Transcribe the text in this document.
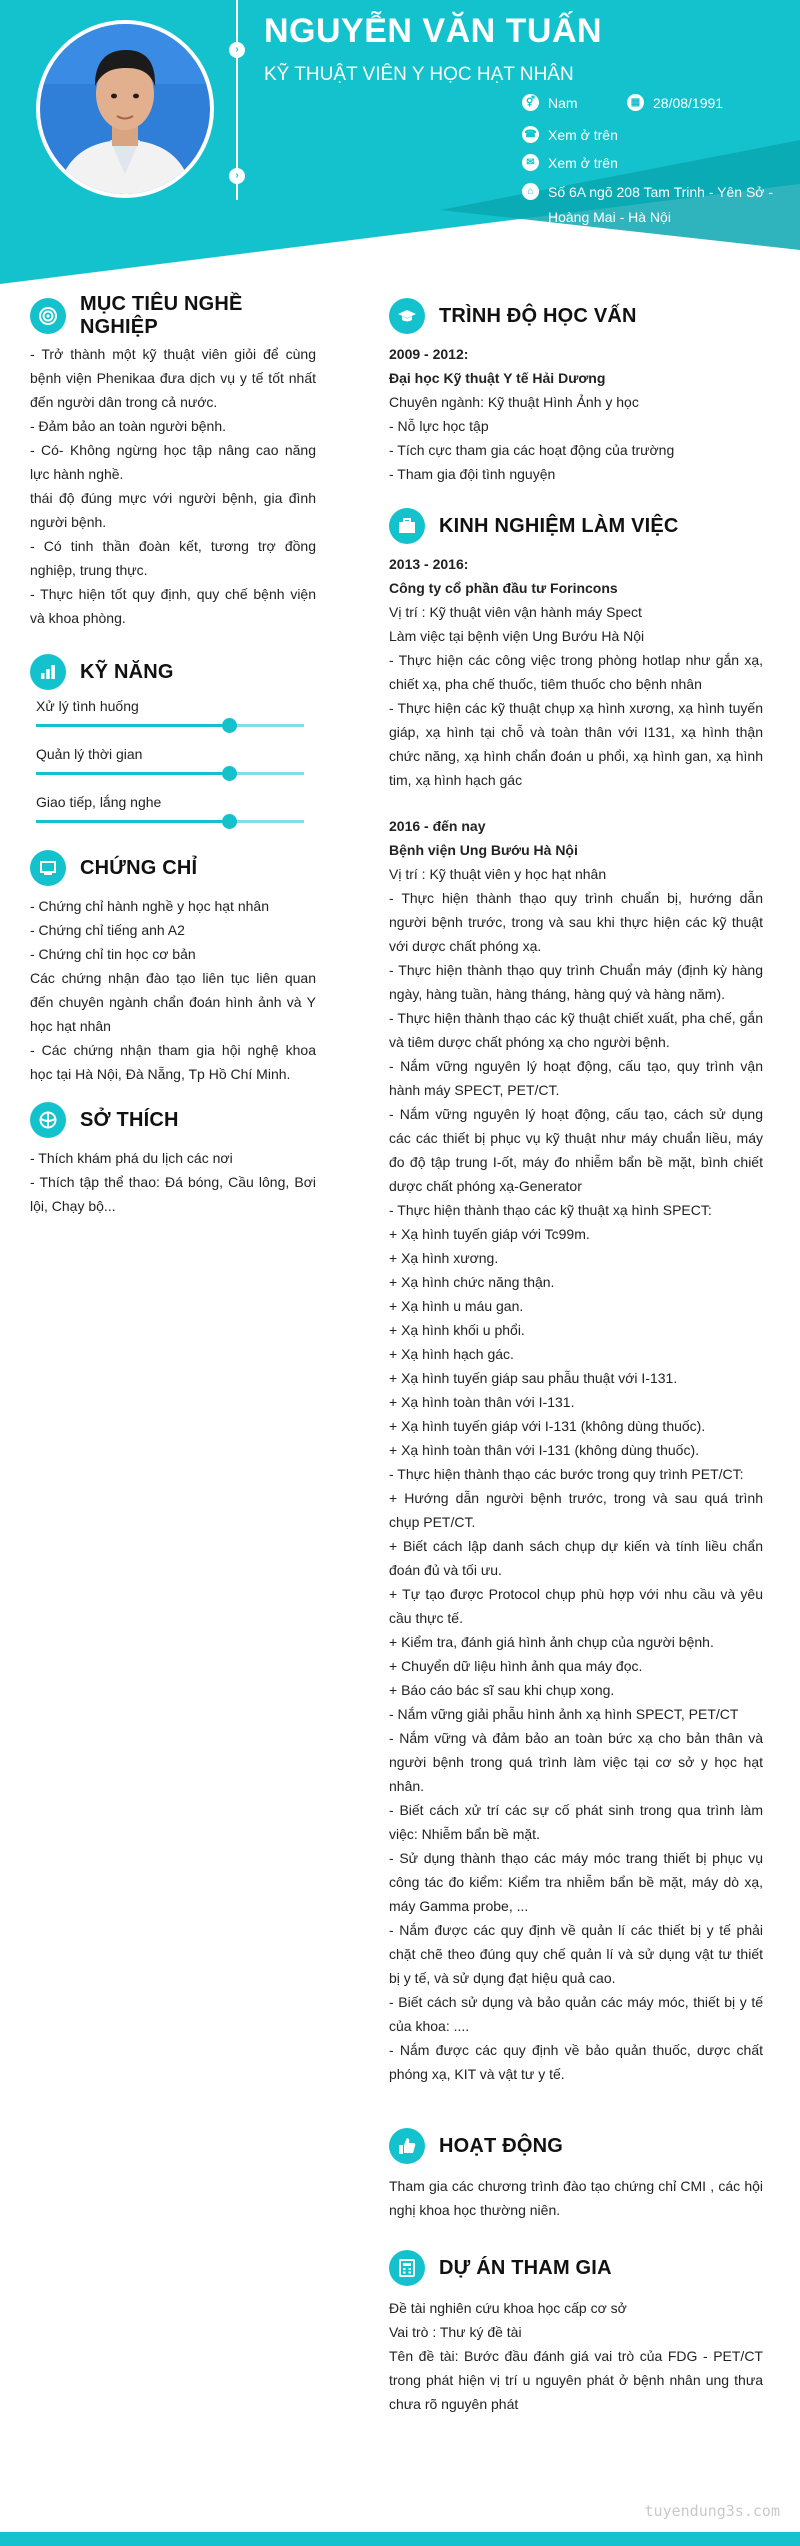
›
›
NGUYỄN VĂN TUẤN
KỸ THUẬT VIÊN Y HỌC HẠT NHÂN
⚥ Nam	▦ 28/08/1991
☎ Xem ở trên
✉ Xem ở trên
⌂	Số 6A ngõ 208 Tam Trinh - Yên Sở -
Hoàng Mai - Hà Nội
MỤC TIÊU NGHỀ NGHIỆP

- Trở thành một kỹ thuật viên giỏi để cùng bệnh viện Phenikaa đưa dịch vụ y tế tốt nhất đến người dân trong cả nước.

- Đảm bảo an toàn người bệnh.

- Có- Không ngừng học tập nâng cao năng lực hành nghề.

thái độ đúng mực với người bệnh, gia đình người bệnh.

- Có tinh thần đoàn kết, tương trợ đồng nghiệp, trung thực.

- Thực hiện tốt quy định, quy chế bệnh viện và khoa phòng.

KỸ NĂNG
Xử lý tình huống
Quản lý thời gian
Giao tiếp, lắng nghe
CHỨNG CHỈ

- Chứng chỉ hành nghề y học hạt nhân

- Chứng chỉ tiếng anh A2

- Chứng chỉ tin học cơ bản

Các chứng nhận đào tạo liên tục liên quan đến chuyên ngành chẩn đoán hình ảnh và Y học hạt nhân

- Các chứng nhận tham gia hội nghệ khoa học tại Hà Nội, Đà Nẵng, Tp Hồ Chí Minh.

SỞ THÍCH

- Thích khám phá du lịch các nơi

- Thích tập thể thao: Đá bóng, Cầu lông, Bơi lội, Chạy bộ...

TRÌNH ĐỘ HỌC VẤN

2009 - 2012:

Đại học Kỹ thuật Y tế Hải Dương

Chuyên ngành: Kỹ thuật Hình Ảnh y học

- Nỗ lực học tập

- Tích cực tham gia các hoạt động của trường

- Tham gia đội tình nguyện

KINH NGHIỆM LÀM VIỆC

2013 - 2016:

Công ty cổ phần đầu tư Forincons

Vị trí : Kỹ thuật viên vận hành máy Spect

Làm việc tại bệnh viện Ung Bướu Hà Nội

- Thực hiện các công việc trong phòng hotlap như gắn xạ, chiết xạ, pha chế thuốc, tiêm thuốc cho bệnh nhân

- Thực hiện các kỹ thuật chụp xạ hình xương, xạ hình tuyến giáp, xạ hình tại chỗ và toàn thân với I131, xạ hình thận chức năng, xạ hình chẩn đoán u phổi, xạ hình gan, xạ hình tim, xạ hình hạch gác

2016 - đến nay

Bệnh viện Ung Bướu Hà Nội

Vị trí : Kỹ thuật viên y học hạt nhân

- Thực hiện thành thạo quy trình chuẩn bị, hướng dẫn người bệnh trước, trong và sau khi thực hiện các kỹ thuật với dược chất phóng xạ.

- Thực hiện thành thạo quy trình Chuẩn máy (định kỳ hàng ngày, hàng tuần, hàng tháng, hàng quý và hàng năm).

- Thực hiện thành thạo các kỹ thuật chiết xuất, pha chế, gắn và tiêm dược chất phóng xạ cho người bệnh.

- Nắm vững nguyên lý hoạt động, cấu tạo, quy trình vận hành máy SPECT, PET/CT.

- Nắm vững nguyên lý hoạt động, cấu tạo, cách sử dụng các các thiết bị phục vụ kỹ thuật như máy chuẩn liều, máy đo độ tập trung I-ốt, máy đo nhiễm bẩn bề mặt, bình chiết dược chất phóng xạ-Generator

- Thực hiện thành thạo các kỹ thuật xạ hình SPECT:

+ Xạ hình tuyến giáp với Tc99m.

+ Xạ hình xương.

+ Xạ hình chức năng thận.

+ Xạ hình u máu gan.

+ Xạ hình khối u phổi.

+ Xạ hình hạch gác.

+ Xạ hình tuyến giáp sau phẫu thuật với I-131.

+ Xạ hình toàn thân với I-131.

+ Xạ hình tuyến giáp với I-131 (không dùng thuốc).

+ Xạ hình toàn thân với I-131 (không dùng thuốc).

- Thực hiện thành thạo các bước trong quy trình PET/CT:

+ Hướng dẫn người bệnh trước, trong và sau quá trình chụp PET/CT.

+ Biết cách lập danh sách chụp dự kiến và tính liều chẩn đoán đủ và tối ưu.

+ Tự tạo được Protocol chụp phù hợp với nhu cầu và yêu cầu thực tế.

+ Kiểm tra, đánh giá hình ảnh chụp của người bệnh.

+ Chuyển dữ liệu hình ảnh qua máy đọc.

+ Báo cáo bác sĩ sau khi chụp xong.

- Nắm vững giải phẫu hình ảnh xạ hình SPECT, PET/CT

- Nắm vững và đảm bảo an toàn bức xạ cho bản thân và người bệnh trong quá trình làm việc tại cơ sở y học hạt nhân.

- Biết cách xử trí các sự cố phát sinh trong qua trình làm việc: Nhiễm bẩn bề mặt.

- Sử dụng thành thạo các máy móc trang thiết bị phục vụ công tác đo kiểm: Kiểm tra nhiễm bẩn bề mặt, máy dò xạ, máy Gamma probe, ...

- Nắm được các quy định về quản lí các thiết bị y tế phải chặt chẽ theo đúng quy chế quản lí và sử dụng vật tư thiết bị y tế, và sử dụng đạt hiệu quả cao.

- Biết cách sử dụng và bảo quản các máy móc, thiết bị y tế của khoa: ....

- Nắm được các quy định về bảo quản thuốc, dược chất phóng xạ, KIT và vật tư y tế.

HOẠT ĐỘNG

Tham gia các chương trình đào tạo chứng chỉ CMI , các hội nghị khoa học thường niên.

DỰ ÁN THAM GIA

Đề tài nghiên cứu khoa học cấp cơ sở

Vai trò : Thư ký đề tài

Tên đề tài: Bước đầu đánh giá vai trò của FDG - PET/CT trong phát hiện vị trí u nguyên phát ở bệnh nhân ung thưa chưa rõ nguyên phát

tuyendung3s.com
